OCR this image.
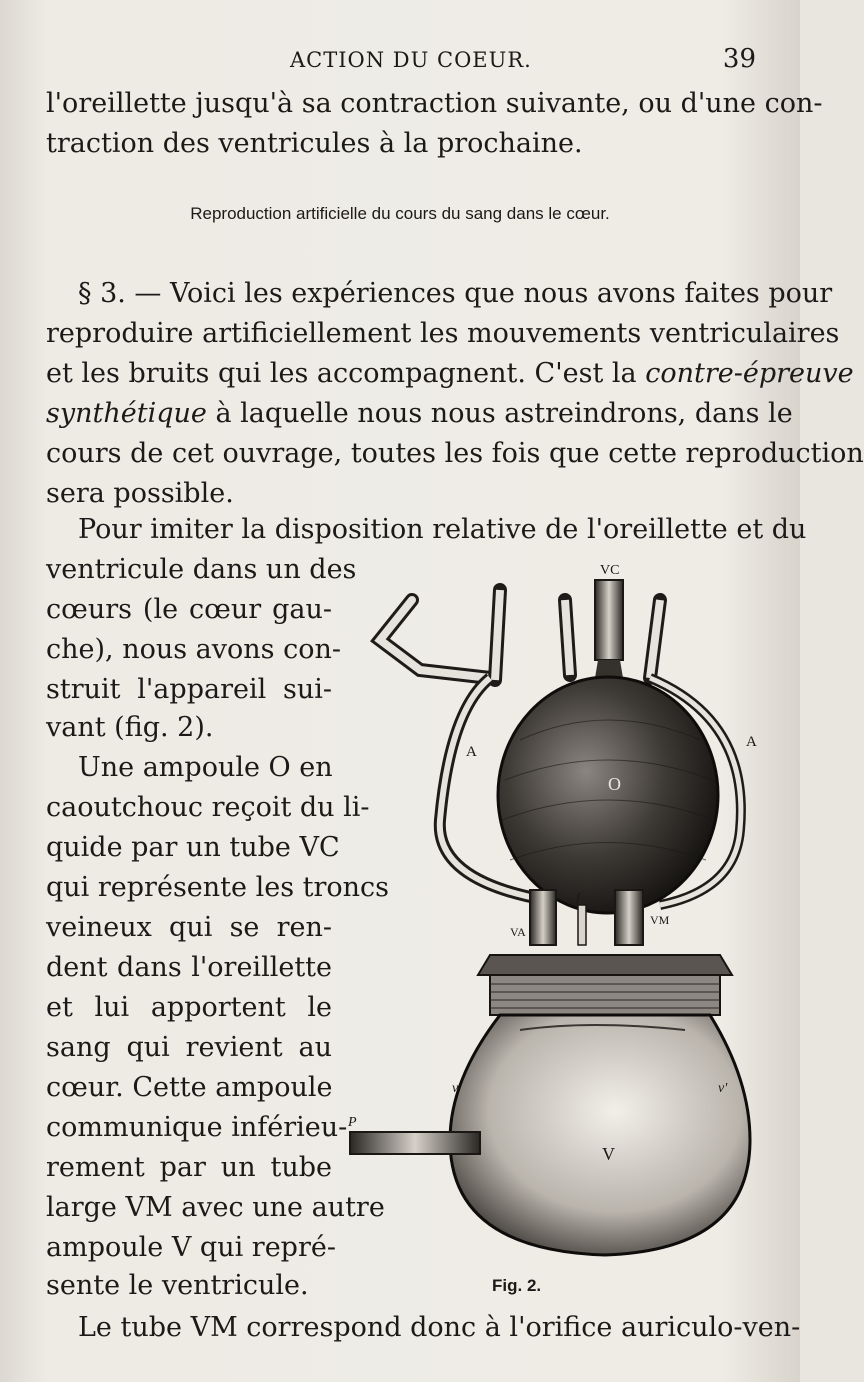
ACTION DU COEUR.	39
l'oreillette jusqu'à sa contraction suivante, ou d'une con-
traction des ventricules à la prochaine.
Reproduction artificielle du cours du sang dans le cœur.
§ 3. — Voici les expériences que nous avons faites pour
reproduire artificiellement les mouvements ventriculaires
et les bruits qui les accompagnent. C'est la contre-épreuve
synthétique à laquelle nous nous astreindrons, dans le
cours de cet ouvrage, toutes les fois que cette reproduction
sera possible.
Pour imiter la disposition relative de l'oreillette et du
ventricule dans un des
cœurs (le cœur gau-
che), nous avons con-
struit l'appareil sui-
vant (fig. 2).
Une ampoule O en
caoutchouc reçoit du li-
quide par un tube VC
qui représente les troncs
veineux qui se ren-
dent dans l'oreillette
et lui apportent le
sang qui revient au
cœur. Cette ampoule
communique inférieu-
rement par un tube
large VM avec une autre
ampoule V qui repré-
sente le ventricule.
Le tube VM correspond donc à l'orifice auriculo-ven-
VC
A
A
O
VA
VM
f
v	v'
P
V
Fig. 2.
